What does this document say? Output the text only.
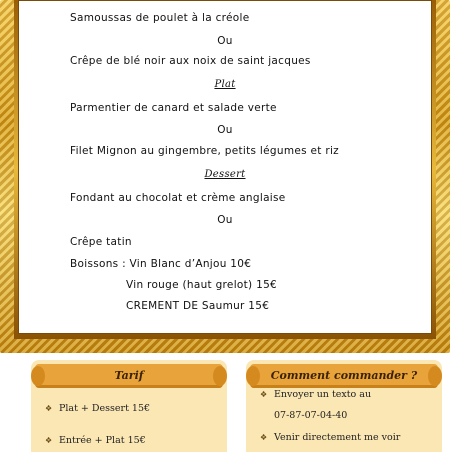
Samoussas de poulet à la créole
Ou
Crêpe de blé noir aux noix de saint jacques
Plat
Parmentier de canard et salade verte
Ou
Filet Mignon au gingembre, petits légumes et riz
Dessert
Fondant au chocolat et crème anglaise
Ou
Crêpe tatin
Boissons : Vin Blanc d’Anjou 10€
Vin rouge (haut grelot) 15€
CREMENT DE Saumur 15€
Tarif
❖ Plat + Dessert 15€
❖ Entrée + Plat 15€
Comment commander ?
❖ Envoyer un texto au
07-87-07-04-40
❖ Venir directement me voir
